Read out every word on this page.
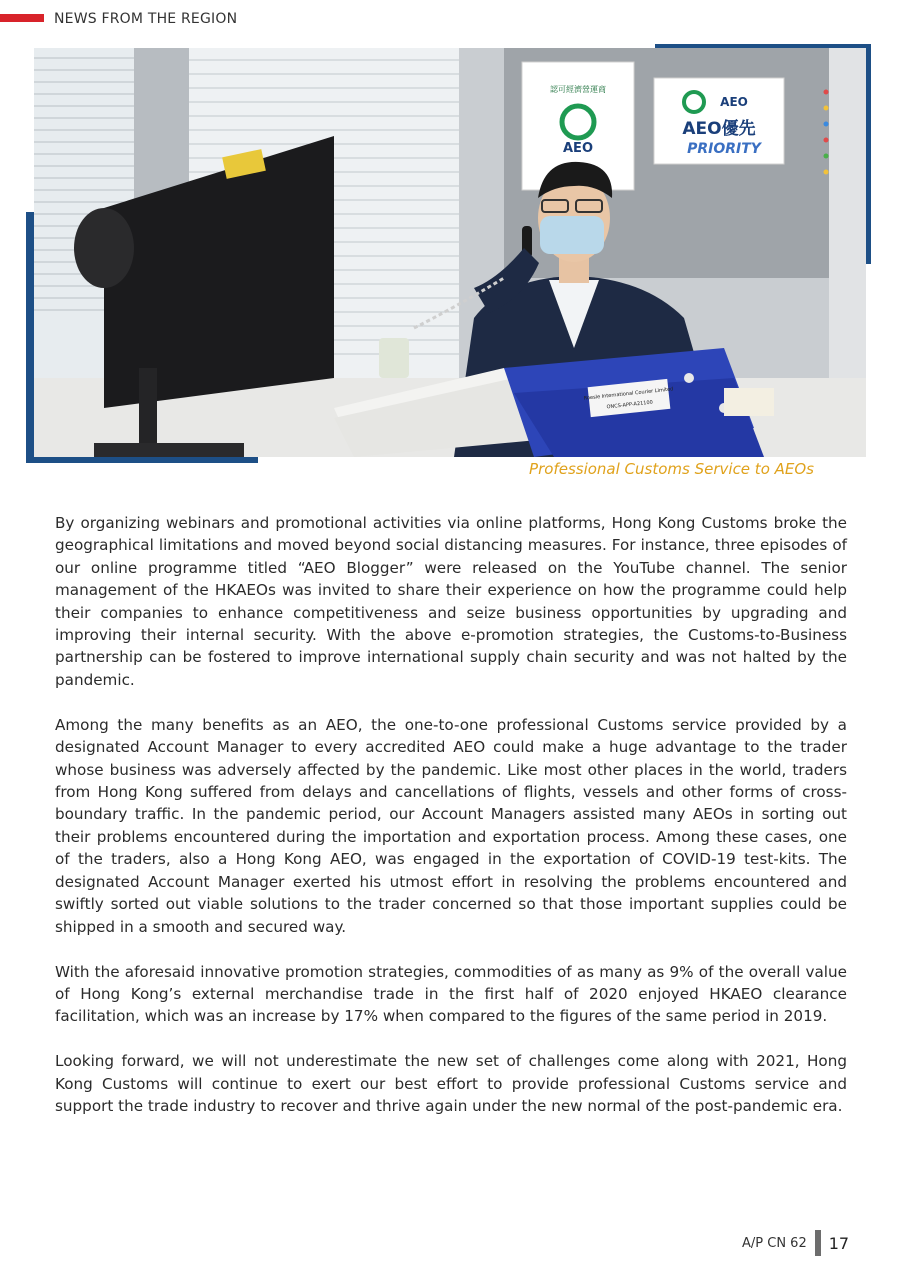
NEWS FROM THE REGION
認可經濟營運商
AEO
AEO
AEO優先
PRIORITY
Roesle International Courier Limited
ONCS-APP-A21100
Professional Customs Service to AEOs

By organizing webinars and promotional activities via online platforms, Hong Kong Customs broke the geographical limitations and moved beyond social distancing measures. For instance, three episodes of our online programme titled “AEO Blogger” were released on the YouTube channel. The senior management of the HKAEOs was invited to share their experience on how the programme could help their companies to enhance competitiveness and seize business opportunities by upgrading and improving their internal security. With the above e-promotion strategies, the Customs-to-Business partnership can be fostered to improve international supply chain security and was not halted by the pandemic.

Among the many benefits as an AEO, the one-to-one professional Customs service provided by a designated Account Manager to every accredited AEO could make a huge advantage to the trader whose business was adversely affected by the pandemic. Like most other places in the world, traders from Hong Kong suffered from delays and cancellations of flights, vessels and other forms of cross-boundary traffic. In the pandemic period, our Account Managers assisted many AEOs in sorting out their problems encountered during the importation and exportation process. Among these cases, one of the traders, also a Hong Kong AEO, was engaged in the exportation of COVID-19 test-kits. The designated Account Manager exerted his utmost effort in resolving the problems encountered and swiftly sorted out viable solutions to the trader concerned so that those important supplies could be shipped in a smooth and secured way.

With the aforesaid innovative promotion strategies, commodities of as many as 9% of the overall value of Hong Kong’s external merchandise trade in the first half of 2020 enjoyed HKAEO clearance facilitation, which was an increase by 17% when compared to the figures of the same period in 2019.

Looking forward, we will not underestimate the new set of challenges come along with 2021, Hong Kong Customs will continue to exert our best effort to provide professional Customs service and support the trade industry to recover and thrive again under the new normal of the post-pandemic era.

A/P CN 62 17
